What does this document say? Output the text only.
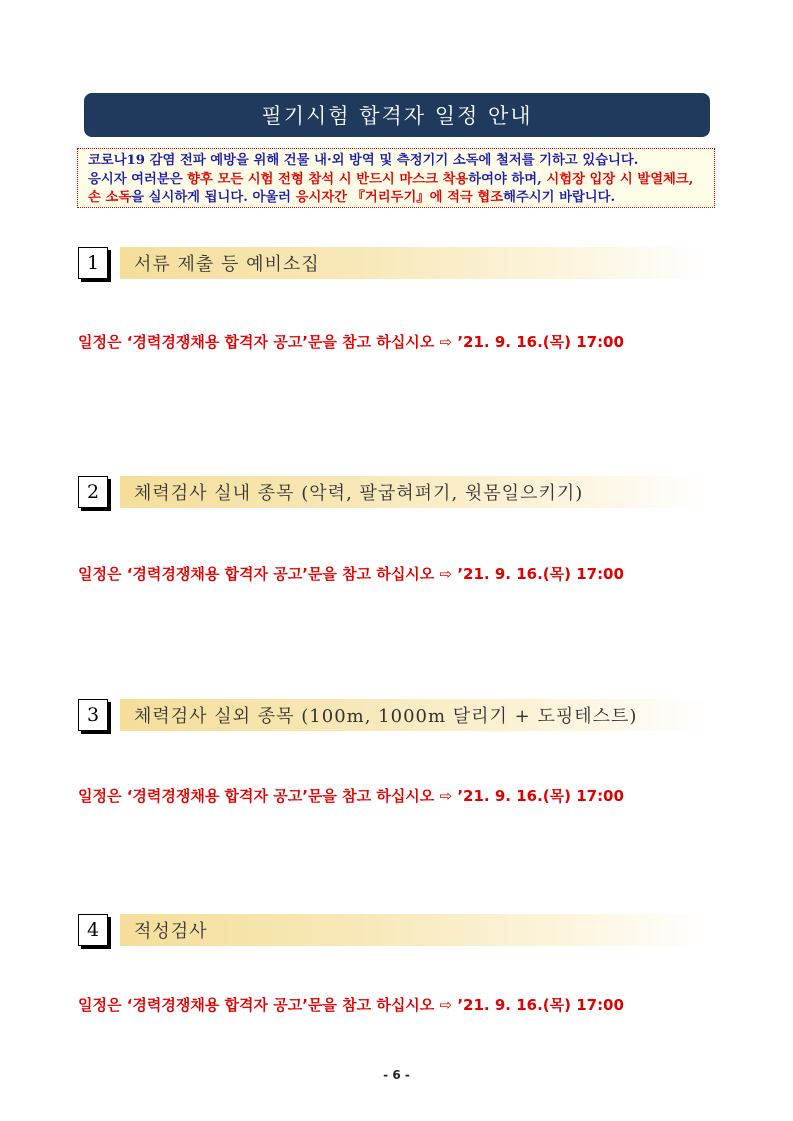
필기시험 합격자 일정 안내
코로나19 감염 전파 예방을 위해 건물 내·외 방역 및 측정기기 소독에 철저를 기하고 있습니다.
응시자 여러분은 향후 모든 시험 전형 참석 시 반드시 마스크 착용하여야 하며, 시험장 입장 시 발열체크,
손 소독을 실시하게 됩니다. 아울러 응시자간 『거리두기』에 적극 협조해주시기 바랍니다.
1	서류 제출 등 예비소집
일정은 ‘경력경쟁채용 합격자 공고’문을 참고 하십시오 ⇨ ’21. 9. 16.(목) 17:00
2	체력검사 실내 종목 (악력, 팔굽혀펴기, 윗몸일으키기)
일정은 ‘경력경쟁채용 합격자 공고’문을 참고 하십시오 ⇨ ’21. 9. 16.(목) 17:00
3	체력검사 실외 종목 (100m, 1000m 달리기 + 도핑테스트)
일정은 ‘경력경쟁채용 합격자 공고’문을 참고 하십시오 ⇨ ’21. 9. 16.(목) 17:00
4	적성검사
일정은 ‘경력경쟁채용 합격자 공고’문을 참고 하십시오 ⇨ ’21. 9. 16.(목) 17:00
- 6 -
